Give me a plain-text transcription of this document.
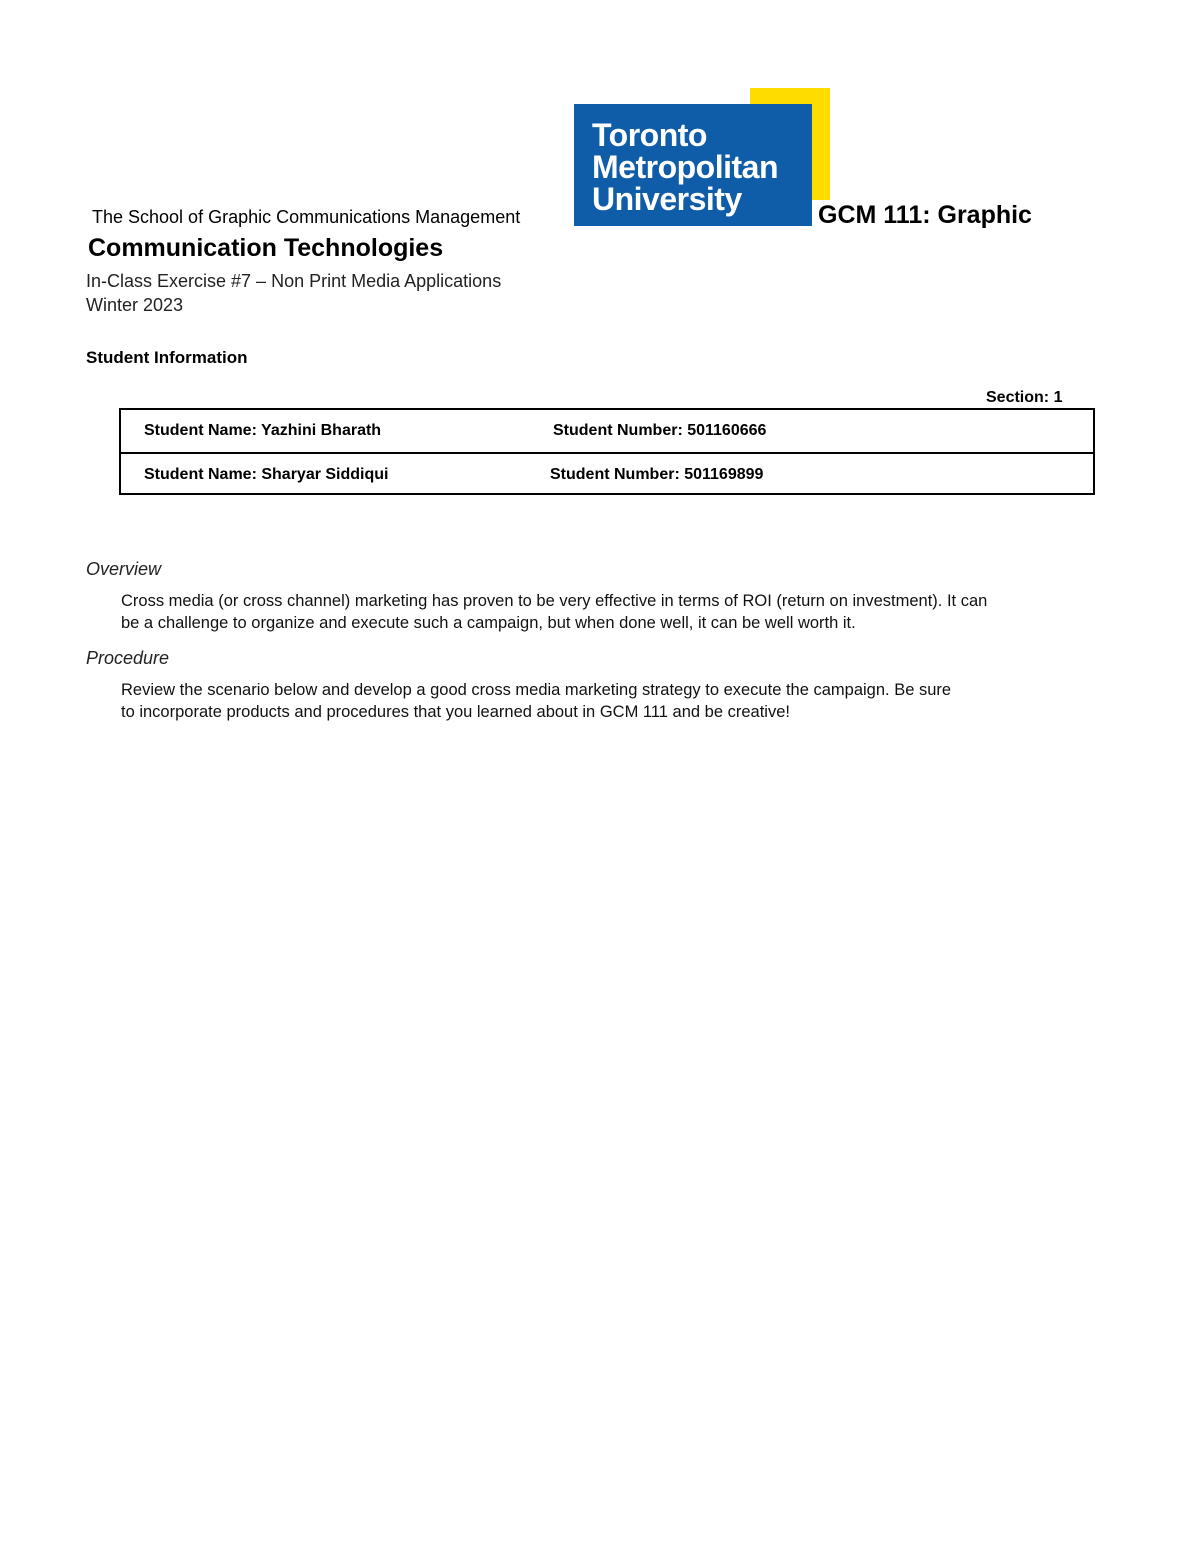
The School of Graphic Communications Management
Toronto
Metropolitan
University	GCM 111: Graphic
Communication Technologies
In-Class Exercise #7 – Non Print Media Applications
Winter 2023
Student Information
Section: 1
Student Name: Yazhini Bharath	Student Number: 501160666
Student Name: Sharyar Siddiqui	Student Number: 501169899
Overview
Cross media (or cross channel) marketing has proven to be very effective in terms of ROI (return on investment). It can
be a challenge to organize and execute such a campaign, but when done well, it can be well worth it.
Procedure
Review the scenario below and develop a good cross media marketing strategy to execute the campaign. Be sure
to incorporate products and procedures that you learned about in GCM 111 and be creative!
